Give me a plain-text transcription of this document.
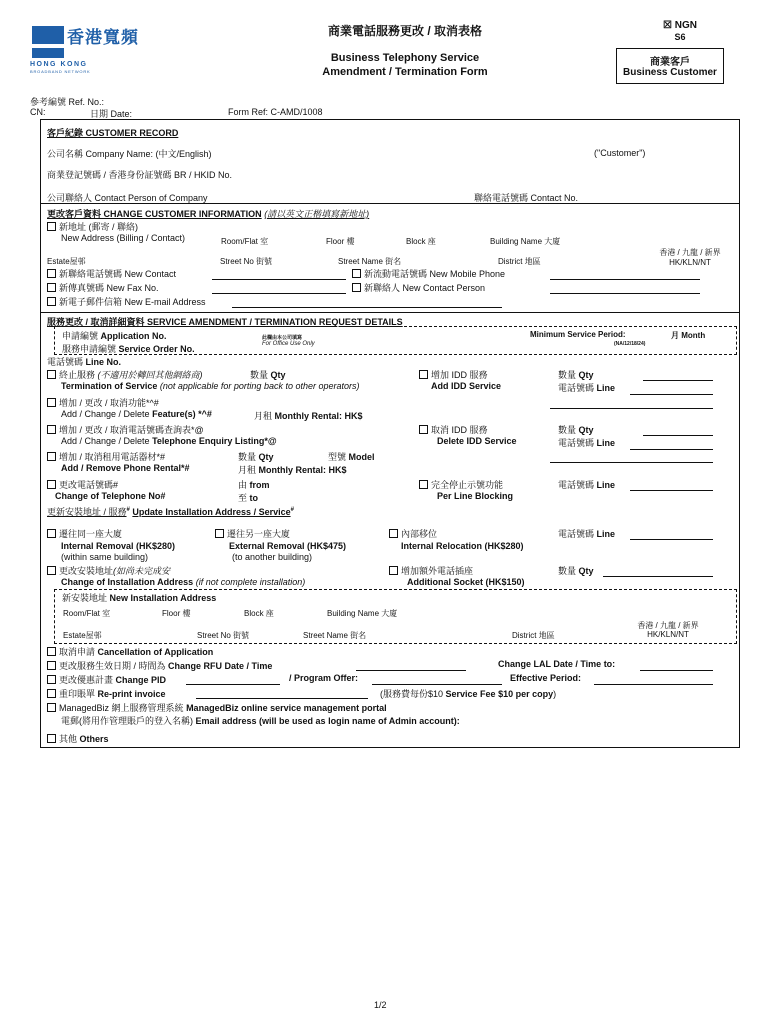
香港寬頻
HONG KONG
BROADBAND NETWORK
商業電話服務更改 / 取消表格
Business Telephony Service
Amendment / Termination Form
☒ NGN
S6
商業客戶
Business Customer
參考編號 Ref. No.:
CN:	日期 Date:	Form Ref: C-AMD/1008
客戶紀錄 CUSTOMER RECORD
公司名稱 Company Name: (中文/English)	("Customer")
商業登記號碼 / 香港身份証號碼 BR / HKID No.
公司聯絡人 Contact Person of Company	聯絡電話號碼 Contact No.
更改客戶資料 CHANGE CUSTOMER INFORMATION (請以英文正楷填寫新地址)
新地址 (郵寄 / 聯絡)
New Address (Billing / Contact)	Room/Flat 室	Floor 樓	Block 座	Building Name 大廈
香港 / 九龍 / 新界
HK/KLN/NT
Estate屋邨	Street No 街號	Street Name 街名	District 地區
新聯絡電話號碼 New Contact	新流動電話號碼 New Mobile Phone
新傳真號碼 New Fax No.	新聯絡人 New Contact Person
新電子郵件信箱 New E-mail Address
服務更改 / 取消詳細資料 SERVICE AMENDMENT / TERMINATION REQUEST DETAILS
申請編號 Application No.
服務申請編號 Service Order No.
此欄由本公司填寫
For Office Use Only
Minimum Service Period:	月 Month
(NA/12/18/24)
電話號碼 Line No.
終止服務 (不適用於轉回其他網絡商)	數量 Qty
Termination of Service (not applicable for porting back to other operators)
增加 IDD 服務
Add IDD Service
數量 Qty
電話號碼 Line
增加 / 更改 / 取消功能*^#
Add / Change / Delete Feature(s) *^#	月租 Monthly Rental: HK$
增加 / 更改 / 取消電話號碼查詢表*@
Add / Change / Delete Telephone Enquiry Listing*@
取消 IDD 服務
Delete IDD Service
數量 Qty
電話號碼 Line
增加 / 取消租用電話器材*#
Add / Remove Phone Rental*#
數量 Qty	型號 Model
月租 Monthly Rental: HK$
更改電話號碼#
Change of Telephone No#
由 from
至 to
完全停止示號功能
Per Line Blocking
電話號碼 Line
更新安裝地址 / 服務# Update Installation Address / Service#
遷往同一座大廈
Internal Removal (HK$280)
(within same building)
遷往另一座大廈
External Removal (HK$475)
(to another building)
內部移位
Internal Relocation (HK$280)
電話號碼 Line
更改安裝地址(如尚未完成安
Change of Installation Address (if not complete installation)
增加額外電話插座
Additional Socket (HK$150)
數量 Qty
新安裝地址 New Installation Address
Room/Flat 室	Floor 樓	Block 座	Building Name 大廈
香港 / 九龍 / 新界
HK/KLN/NT
Estate屋邨	Street No 街號	Street Name 街名	District 地區
取消申請 Cancellation of Application
更改服務生效日期 / 時間為 Change RFU Date / Time	Change LAL Date / Time to:
更改優惠計畫 Change PID	/ Program Offer:	Effective Period:
重印賬單 Re-print invoice	(服務費每份$10 Service Fee $10 per copy)
ManagedBiz 網上服務管理系統 ManagedBiz online service management portal
電郵(將用作管理賬戶的登入名稱) Email address (will be used as login name of Admin account):
其他 Others
1/2
